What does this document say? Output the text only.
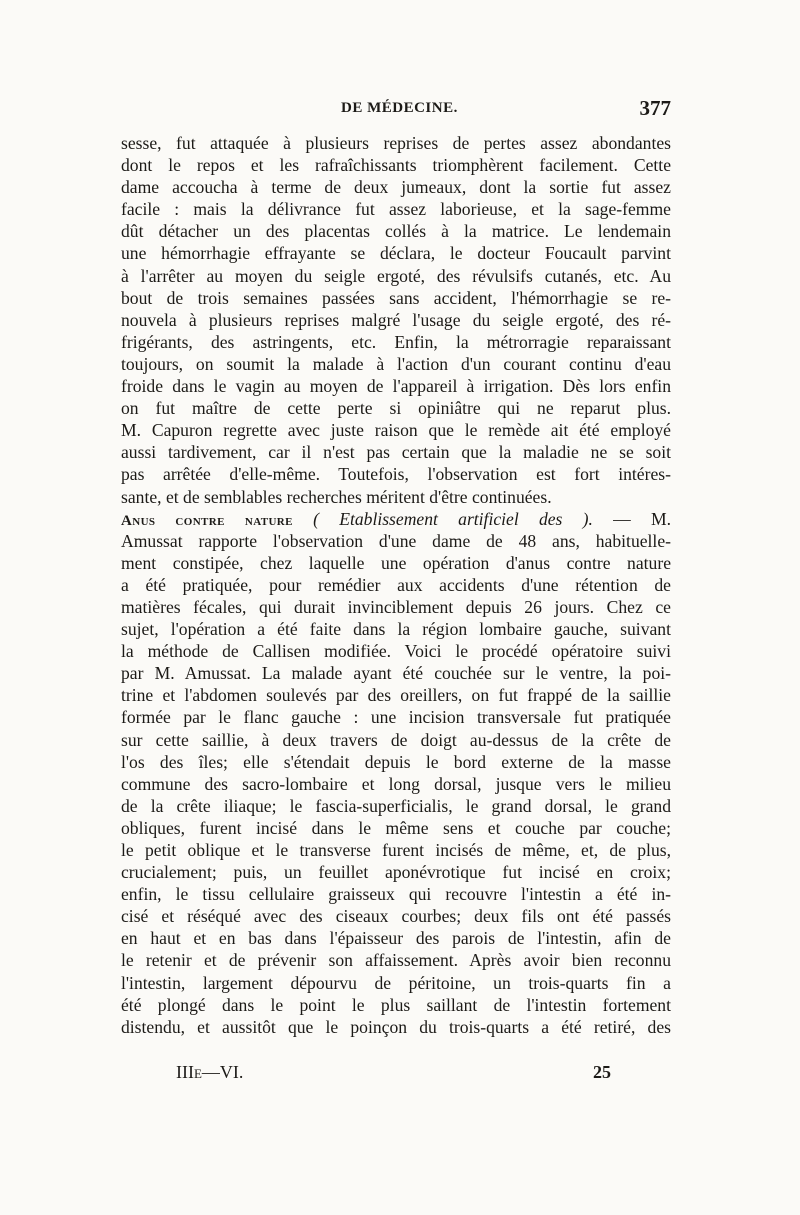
DE MÉDECINE.	377
sesse, fut attaquée à plusieurs reprises de pertes assez abondantes
dont le repos et les rafraîchissants triomphèrent facilement. Cette
dame accoucha à terme de deux jumeaux, dont la sortie fut assez
facile : mais la délivrance fut assez laborieuse, et la sage-femme
dût détacher un des placentas collés à la matrice. Le lendemain
une hémorrhagie effrayante se déclara, le docteur Foucault parvint
à l'arrêter au moyen du seigle ergoté, des révulsifs cutanés, etc. Au
bout de trois semaines passées sans accident, l'hémorrhagie se re-
nouvela à plusieurs reprises malgré l'usage du seigle ergoté, des ré-
frigérants, des astringents, etc. Enfin, la métrorragie reparaissant
toujours, on soumit la malade à l'action d'un courant continu d'eau
froide dans le vagin au moyen de l'appareil à irrigation. Dès lors enfin
on fut maître de cette perte si opiniâtre qui ne reparut plus.
M. Capuron regrette avec juste raison que le remède ait été employé
aussi tardivement, car il n'est pas certain que la maladie ne se soit
pas arrêtée d'elle-même. Toutefois, l'observation est fort intéres-
sante, et de semblables recherches méritent d'être continuées.
Anus contre nature ( Etablissement artificiel des ). — M.
Amussat rapporte l'observation d'une dame de 48 ans, habituelle-
ment constipée, chez laquelle une opération d'anus contre nature
a été pratiquée, pour remédier aux accidents d'une rétention de
matières fécales, qui durait invinciblement depuis 26 jours. Chez ce
sujet, l'opération a été faite dans la région lombaire gauche, suivant
la méthode de Callisen modifiée. Voici le procédé opératoire suivi
par M. Amussat. La malade ayant été couchée sur le ventre, la poi-
trine et l'abdomen soulevés par des oreillers, on fut frappé de la saillie
formée par le flanc gauche : une incision transversale fut pratiquée
sur cette saillie, à deux travers de doigt au-dessus de la crête de
l'os des îles; elle s'étendait depuis le bord externe de la masse
commune des sacro-lombaire et long dorsal, jusque vers le milieu
de la crête iliaque; le fascia-superficialis, le grand dorsal, le grand
obliques, furent incisé dans le même sens et couche par couche;
le petit oblique et le transverse furent incisés de même, et, de plus,
crucialement; puis, un feuillet aponévrotique fut incisé en croix;
enfin, le tissu cellulaire graisseux qui recouvre l'intestin a été in-
cisé et réséqué avec des ciseaux courbes; deux fils ont été passés
en haut et en bas dans l'épaisseur des parois de l'intestin, afin de
le retenir et de prévenir son affaissement. Après avoir bien reconnu
l'intestin, largement dépourvu de péritoine, un trois-quarts fin a
été plongé dans le point le plus saillant de l'intestin fortement
distendu, et aussitôt que le poinçon du trois-quarts a été retiré, des
IIIe—VI.	25
